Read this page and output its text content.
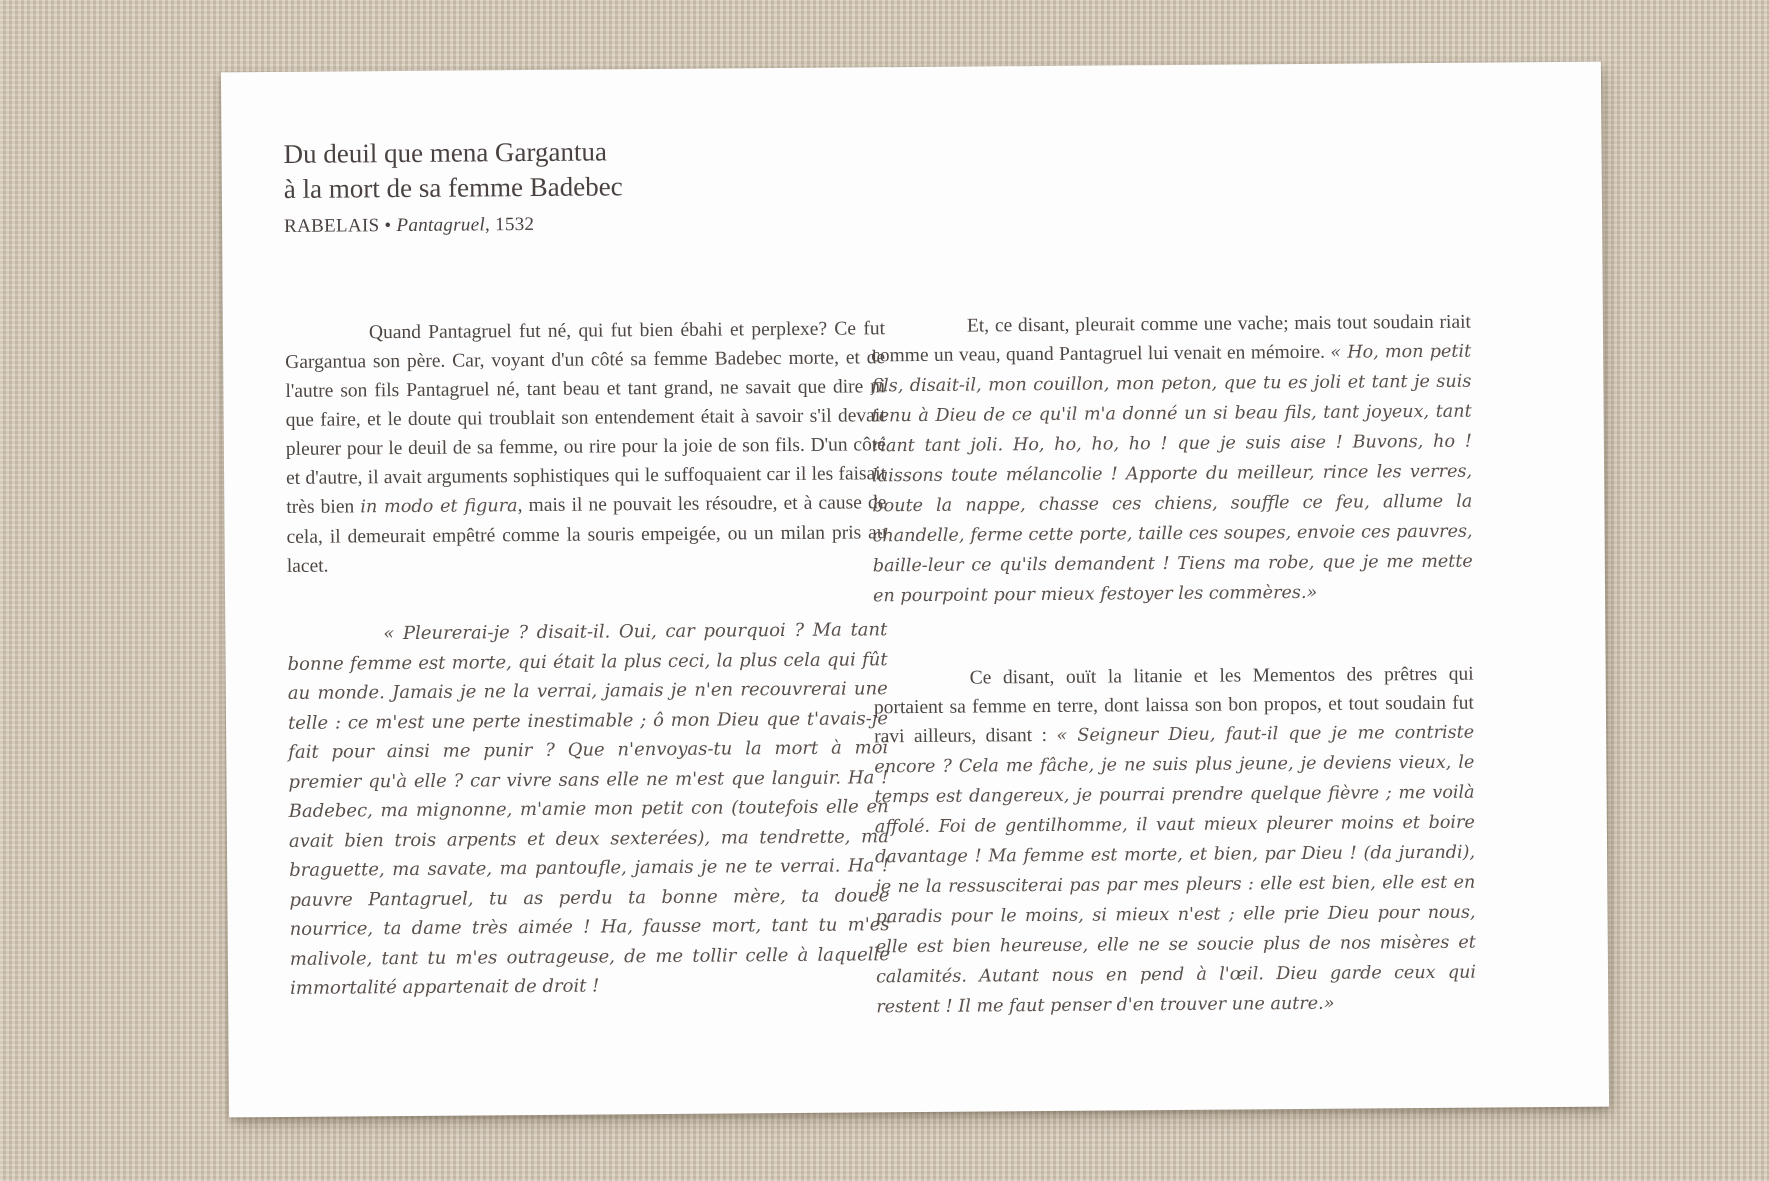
Du deuil que mena Gargantua
à la mort de sa femme Badebec
RABELAIS • Pantagruel, 1532

Quand Pantagruel fut né, qui fut bien ébahi et perplexe? Ce fut Gargantua son père. Car, voyant d'un côté sa femme Badebec morte, et de l'autre son fils Pantagruel né, tant beau et tant grand, ne savait que dire ni que faire, et le doute qui troublait son entendement était à savoir s'il devait pleurer pour le deuil de sa femme, ou rire pour la joie de son fils. D'un côté et d'autre, il avait arguments sophistiques qui le suffoquaient car il les faisait très bien in modo et figura, mais il ne pouvait les résoudre, et à cause de cela, il demeurait empêtré comme la souris empeigée, ou un milan pris au lacet.

« Pleurerai-je ? disait-il. Oui, car pourquoi ? Ma tant bonne femme est morte, qui était la plus ceci, la plus cela qui fût au monde. Jamais je ne la verrai, jamais je n'en recouvrerai une telle : ce m'est une perte inestimable ; ô mon Dieu que t'avais-je fait pour ainsi me punir ? Que n'envoyas-tu la mort à moi premier qu'à elle ? car vivre sans elle ne m'est que languir. Ha ! Badebec, ma mignonne, m'amie mon petit con (toutefois elle en avait bien trois arpents et deux sexterées), ma tendrette, ma braguette, ma savate, ma pantoufle, jamais je ne te verrai. Ha ! pauvre Pantagruel, tu as perdu ta bonne mère, ta douce nourrice, ta dame très aimée ! Ha, fausse mort, tant tu m'es malivole, tant tu m'es outrageuse, de me tollir celle à laquelle immortalité appartenait de droit !

Et, ce disant, pleurait comme une vache; mais tout soudain riait comme un veau, quand Pantagruel lui venait en mémoire. « Ho, mon petit fils, disait-il, mon couillon, mon peton, que tu es joli et tant je suis tenu à Dieu de ce qu'il m'a donné un si beau fils, tant joyeux, tant riant tant joli. Ho, ho, ho, ho ! que je suis aise ! Buvons, ho ! laissons toute mélancolie ! Apporte du meilleur, rince les verres, boute la nappe, chasse ces chiens, souffle ce feu, allume la chandelle, ferme cette porte, taille ces soupes, envoie ces pauvres, baille-leur ce qu'ils demandent ! Tiens ma robe, que je me mette en pourpoint pour mieux festoyer les commères.»

Ce disant, ouït la litanie et les Mementos des prêtres qui portaient sa femme en terre, dont laissa son bon propos, et tout soudain fut ravi ailleurs, disant : « Seigneur Dieu, faut-il que je me contriste encore ? Cela me fâche, je ne suis plus jeune, je deviens vieux, le temps est dangereux, je pourrai prendre quelque fièvre ; me voilà affolé. Foi de gentilhomme, il vaut mieux pleurer moins et boire davantage ! Ma femme est morte, et bien, par Dieu ! (da jurandi), je ne la ressusciterai pas par mes pleurs : elle est bien, elle est en paradis pour le moins, si mieux n'est ; elle prie Dieu pour nous, elle est bien heureuse, elle ne se soucie plus de nos misères et calamités. Autant nous en pend à l'œil. Dieu garde ceux qui restent ! Il me faut penser d'en trouver une autre.»
